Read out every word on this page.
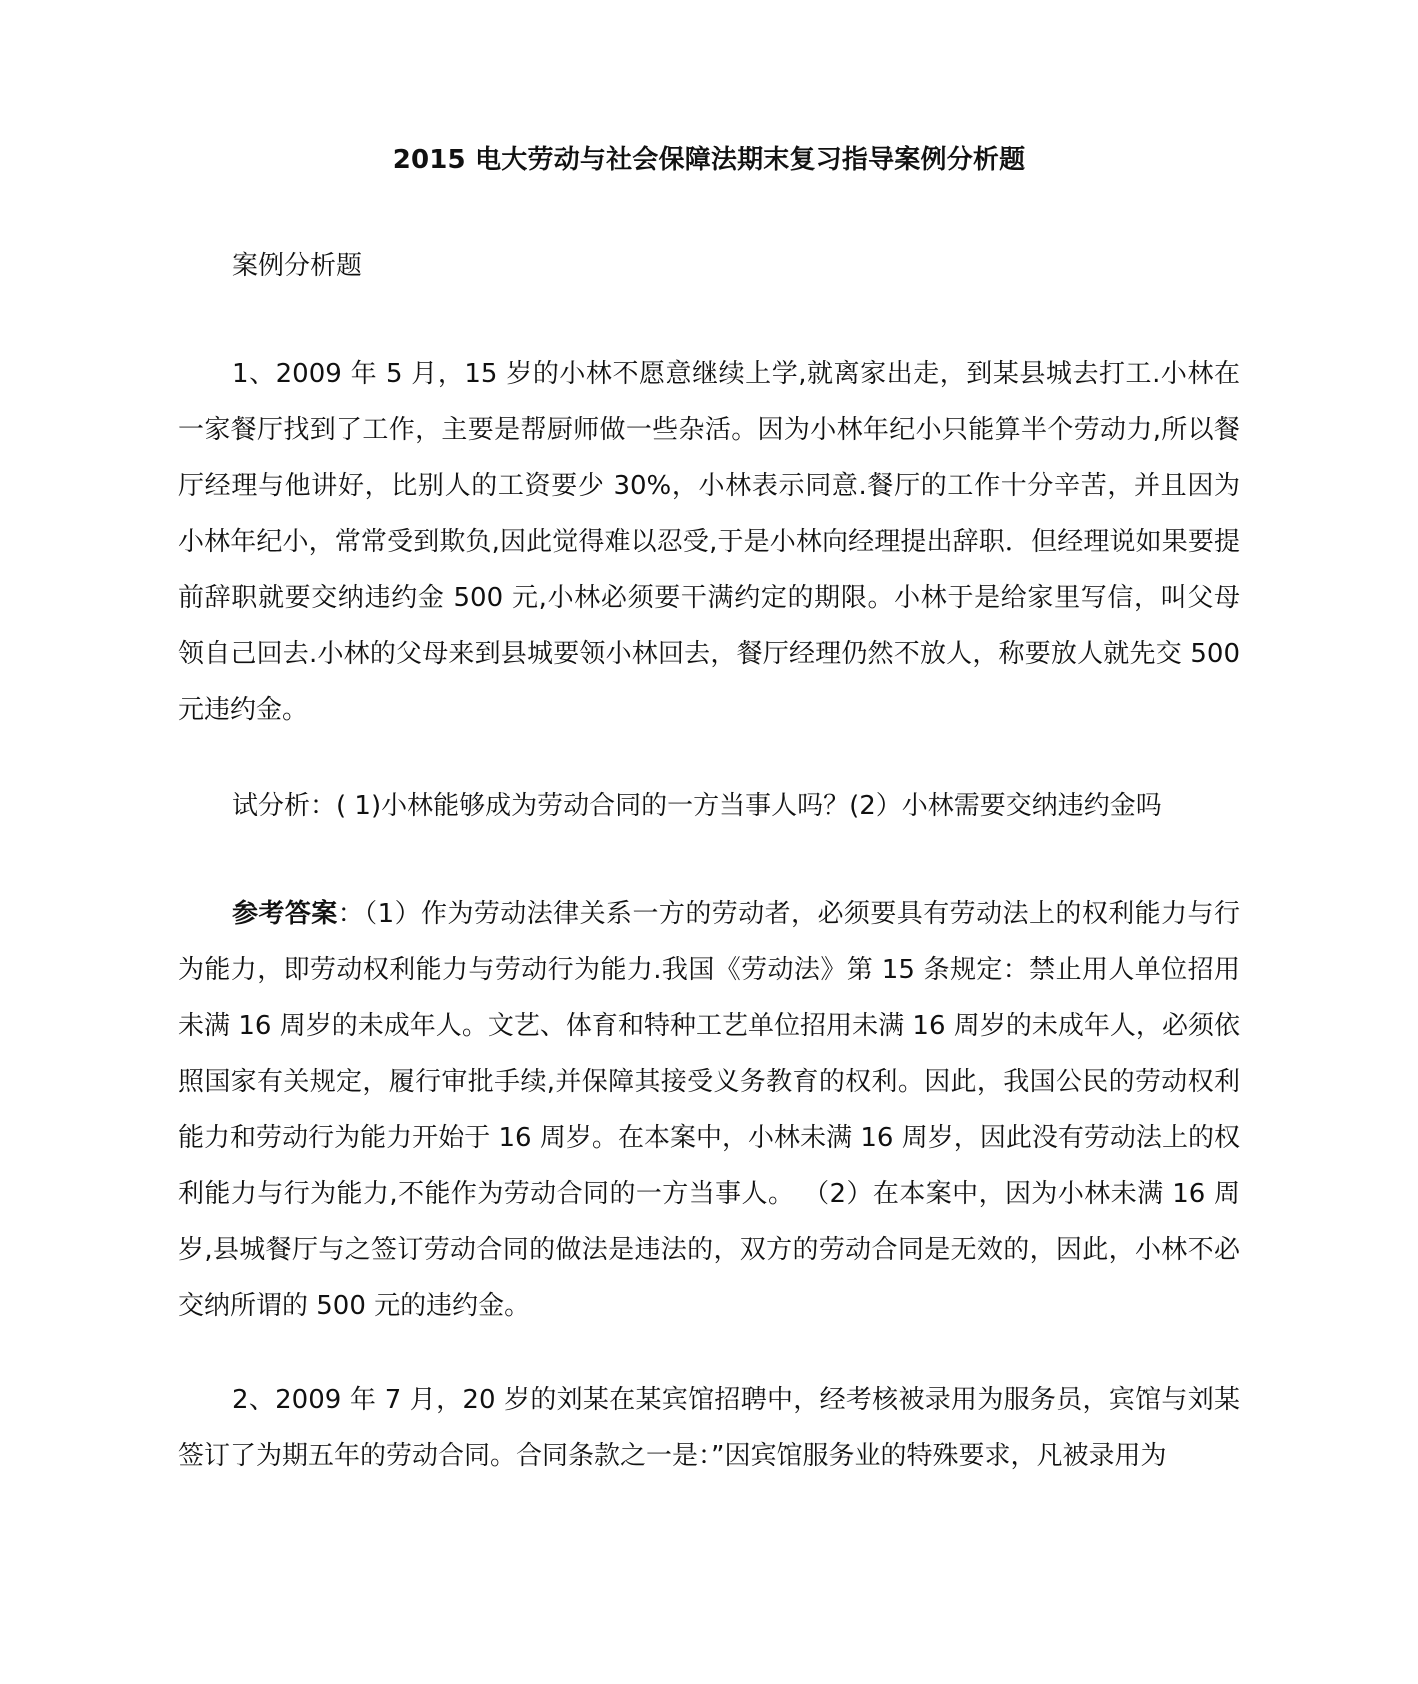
2015 电大劳动与社会保障法期末复习指导案例分析题
案例分析题

1、2009 年 5 月，15 岁的小林不愿意继续上学,就离家出走，到某县城去打工.小林在一家餐厅找到了工作，主要是帮厨师做一些杂活。因为小林年纪小只能算半个劳动力,所以餐厅经理与他讲好，比别人的工资要少 30%，小林表示同意.餐厅的工作十分辛苦，并且因为小林年纪小，常常受到欺负,因此觉得难以忍受,于是小林向经理提出辞职．但经理说如果要提前辞职就要交纳违约金 500 元,小林必须要干满约定的期限。小林于是给家里写信，叫父母领自己回去.小林的父母来到县城要领小林回去，餐厅经理仍然不放人，称要放人就先交 500 元违约金。

试分析：( 1)小林能够成为劳动合同的一方当事人吗？(2）小林需要交纳违约金吗

参考答案：（1）作为劳动法律关系一方的劳动者，必须要具有劳动法上的权利能力与行为能力，即劳动权利能力与劳动行为能力.我国《劳动法》第 15 条规定：禁止用人单位招用未满 16 周岁的未成年人。文艺、体育和特种工艺单位招用未满 16 周岁的未成年人，必须依照国家有关规定，履行审批手续,并保障其接受义务教育的权利。因此，我国公民的劳动权利能力和劳动行为能力开始于 16 周岁。在本案中，小林未满 16 周岁，因此没有劳动法上的权利能力与行为能力,不能作为劳动合同的一方当事人。 （2）在本案中，因为小林未满 16 周岁,县城餐厅与之签订劳动合同的做法是违法的，双方的劳动合同是无效的，因此，小林不必交纳所谓的 500 元的违约金。

2、2009 年 7 月，20 岁的刘某在某宾馆招聘中，经考核被录用为服务员，宾馆与刘某签订了为期五年的劳动合同。合同条款之一是：”因宾馆服务业的特殊要求，凡被录用为
